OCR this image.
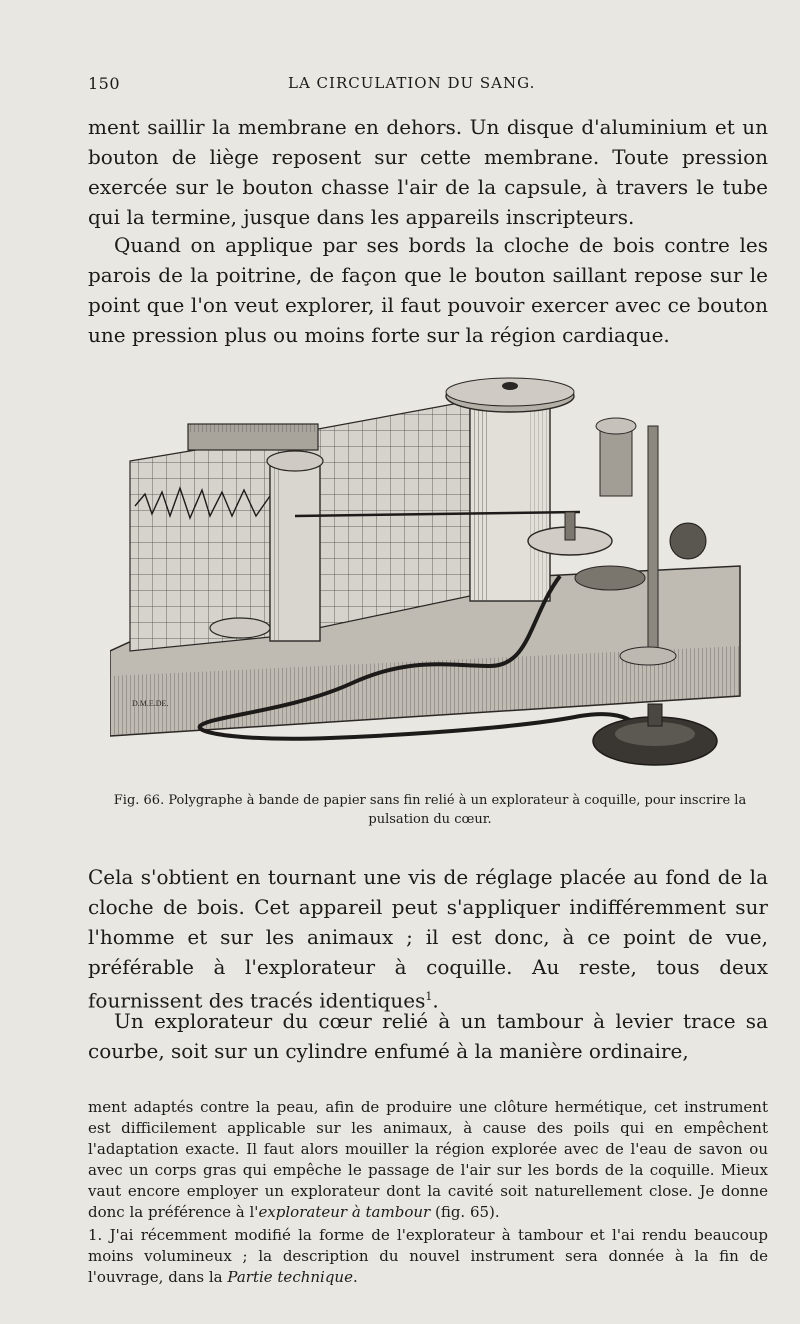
150	LA CIRCULATION DU SANG.

ment saillir la membrane en dehors. Un disque d'aluminium et un bouton de liège reposent sur cette membrane. Toute pression exercée sur le bouton chasse l'air de la capsule, à travers le tube qui la termine, jusque dans les appareils inscripteurs.

Quand on applique par ses bords la cloche de bois contre les parois de la poitrine, de façon que le bouton saillant repose sur le point que l'on veut explorer, il faut pouvoir exercer avec ce bouton une pression plus ou moins forte sur la région cardiaque.

D.M.E.DE.

Fig. 66. Polygraphe à bande de papier sans fin relié à un explorateur à coquille, pour inscrire la pulsation du cœur.

Cela s'obtient en tournant une vis de réglage placée au fond de la cloche de bois. Cet appareil peut s'appliquer indifféremment sur l'homme et sur les animaux ; il est donc, à ce point de vue, préférable à l'explorateur à coquille. Au reste, tous deux fournissent des tracés identiques$^1$.

Un explorateur du cœur relié à un tambour à levier trace sa courbe, soit sur un cylindre enfumé à la manière ordinaire,

ment adaptés contre la peau, afin de produire une clôture hermétique, cet instrument est difficilement applicable sur les animaux, à cause des poils qui en empêchent l'adaptation exacte. Il faut alors mouiller la région explorée avec de l'eau de savon ou avec un corps gras qui empêche le passage de l'air sur les bords de la coquille. Mieux vaut encore employer un explorateur dont la cavité soit naturellement close. Je donne donc la préférence à l'explorateur à tambour (fig. 65).

1. J'ai récemment modifié la forme de l'explorateur à tambour et l'ai rendu beaucoup moins volumineux ; la description du nouvel instrument sera donnée à la fin de l'ouvrage, dans la Partie technique.
